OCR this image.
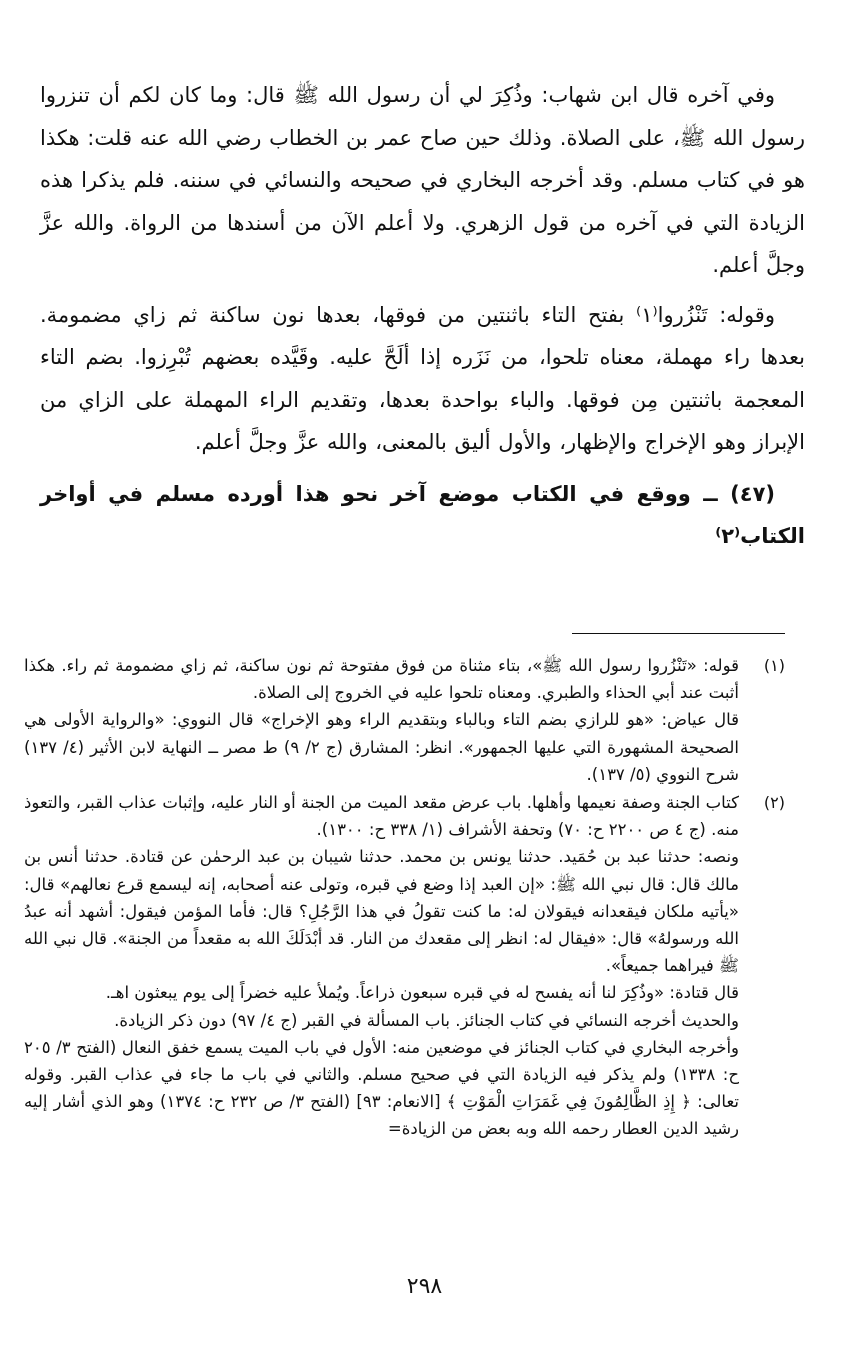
وفي آخره قال ابن شهاب: وذُكِرَ لي أن رسول الله ﷺ قال: وما كان لكم أن تنزروا رسول الله ﷺ، على الصلاة. وذلك حين صاح عمر بن الخطاب رضي الله عنه قلت: هكذا هو في كتاب مسلم. وقد أخرجه البخاري في صحيحه والنسائي في سننه. فلم يذكرا هذه الزيادة التي في آخره من قول الزهري. ولا أعلم الآن من أسندها من الرواة. والله عزَّ وجلَّ أعلم.

وقوله: تَنْزُروا⁽١⁾ بفتح التاء باثنتين من فوقها، بعدها نون ساكنة ثم زاي مضمومة. بعدها راء مهملة، معناه تلحوا، من نَزَره إذا ألَحَّ عليه. وقَيَّده بعضهم تُبْرِزوا. بضم التاء المعجمة باثنتين مِن فوقها. والباء بواحدة بعدها، وتقديم الراء المهملة على الزاي من الإبراز وهو الإخراج والإظهار، والأول أليق بالمعنى، والله عزَّ وجلَّ أعلم.

(٤٧) ــ ووقع في الكتاب موضع آخر نحو هذا أورده مسلم في أواخر الكتاب⁽٢⁾

(١)

قوله: «تَنْزُروا رسول الله ﷺ»، بتاء مثناة من فوق مفتوحة ثم نون ساكنة، ثم زاي مضمومة ثم راء. هكذا أثبت عند أبي الحذاء والطبري. ومعناه تلحوا عليه في الخروج إلى الصلاة.

قال عياض: «هو للرازي بضم التاء وبالباء وبتقديم الراء وهو الإخراج» قال النووي: «والرواية الأولى هي الصحيحة المشهورة التي عليها الجمهور». انظر: المشارق (ج ٢/ ٩) ط مصر ــ النهاية لابن الأثير (٤/ ١٣٧) شرح النووي (٥/ ١٣٧).

(٢)

كتاب الجنة وصفة نعيمها وأهلها. باب عرض مقعد الميت من الجنة أو النار عليه، وإثبات عذاب القبر، والتعوذ منه. (ج ٤ ص ٢٢٠٠ ح: ٧٠) وتحفة الأشراف (١/ ٣٣٨ ح: ١٣٠٠).

ونصه: حدثنا عبد بن حُمَيد. حدثنا يونس بن محمد. حدثنا شيبان بن عبد الرحمٰن عن قتادة. حدثنا أنس بن مالك قال: قال نبي الله ﷺ: «إن العبد إذا وضع في قبره، وتولى عنه أصحابه، إنه ليسمع قرع نعالهم» قال: «يأتيه ملكان فيقعدانه فيقولان له: ما كنت تقولُ في هذا الرَّجُلِ؟ قال: فأما المؤمن فيقول: أشهد أنه عبدُ الله ورسولهُ» قال: «فيقال له: انظر إلى مقعدك من النار. قد أبْدَلَكَ الله به مقعداً من الجنة». قال نبي الله ﷺ فيراهما جميعاً».

قال قتادة: «وذُكِرَ لنا أنه يفسح له في قبره سبعون ذراعاً. ويُملأ عليه خضراً إلى يوم يبعثون اهـ.

والحديث أخرجه النسائي في كتاب الجنائز. باب المسألة في القبر (ج ٤/ ٩٧) دون ذكر الزيادة.

وأخرجه البخاري في كتاب الجنائز في موضعين منه: الأول في باب الميت يسمع خفق النعال (الفتح ٣/ ٢٠٥ ح: ١٣٣٨) ولم يذكر فيه الزيادة التي في صحيح مسلم. والثاني في باب ما جاء في عذاب القبر. وقوله تعالى: ﴿ إِذِ الظَّالِمُونَ فِي غَمَرَاتِ الْمَوْتِ ﴾ [الانعام: ٩٣] (الفتح ٣/ ص ٢٣٢ ح: ١٣٧٤) وهو الذي أشار إليه رشيد الدين العطار رحمه الله وبه بعض من الزيادة=

٢٩٨
